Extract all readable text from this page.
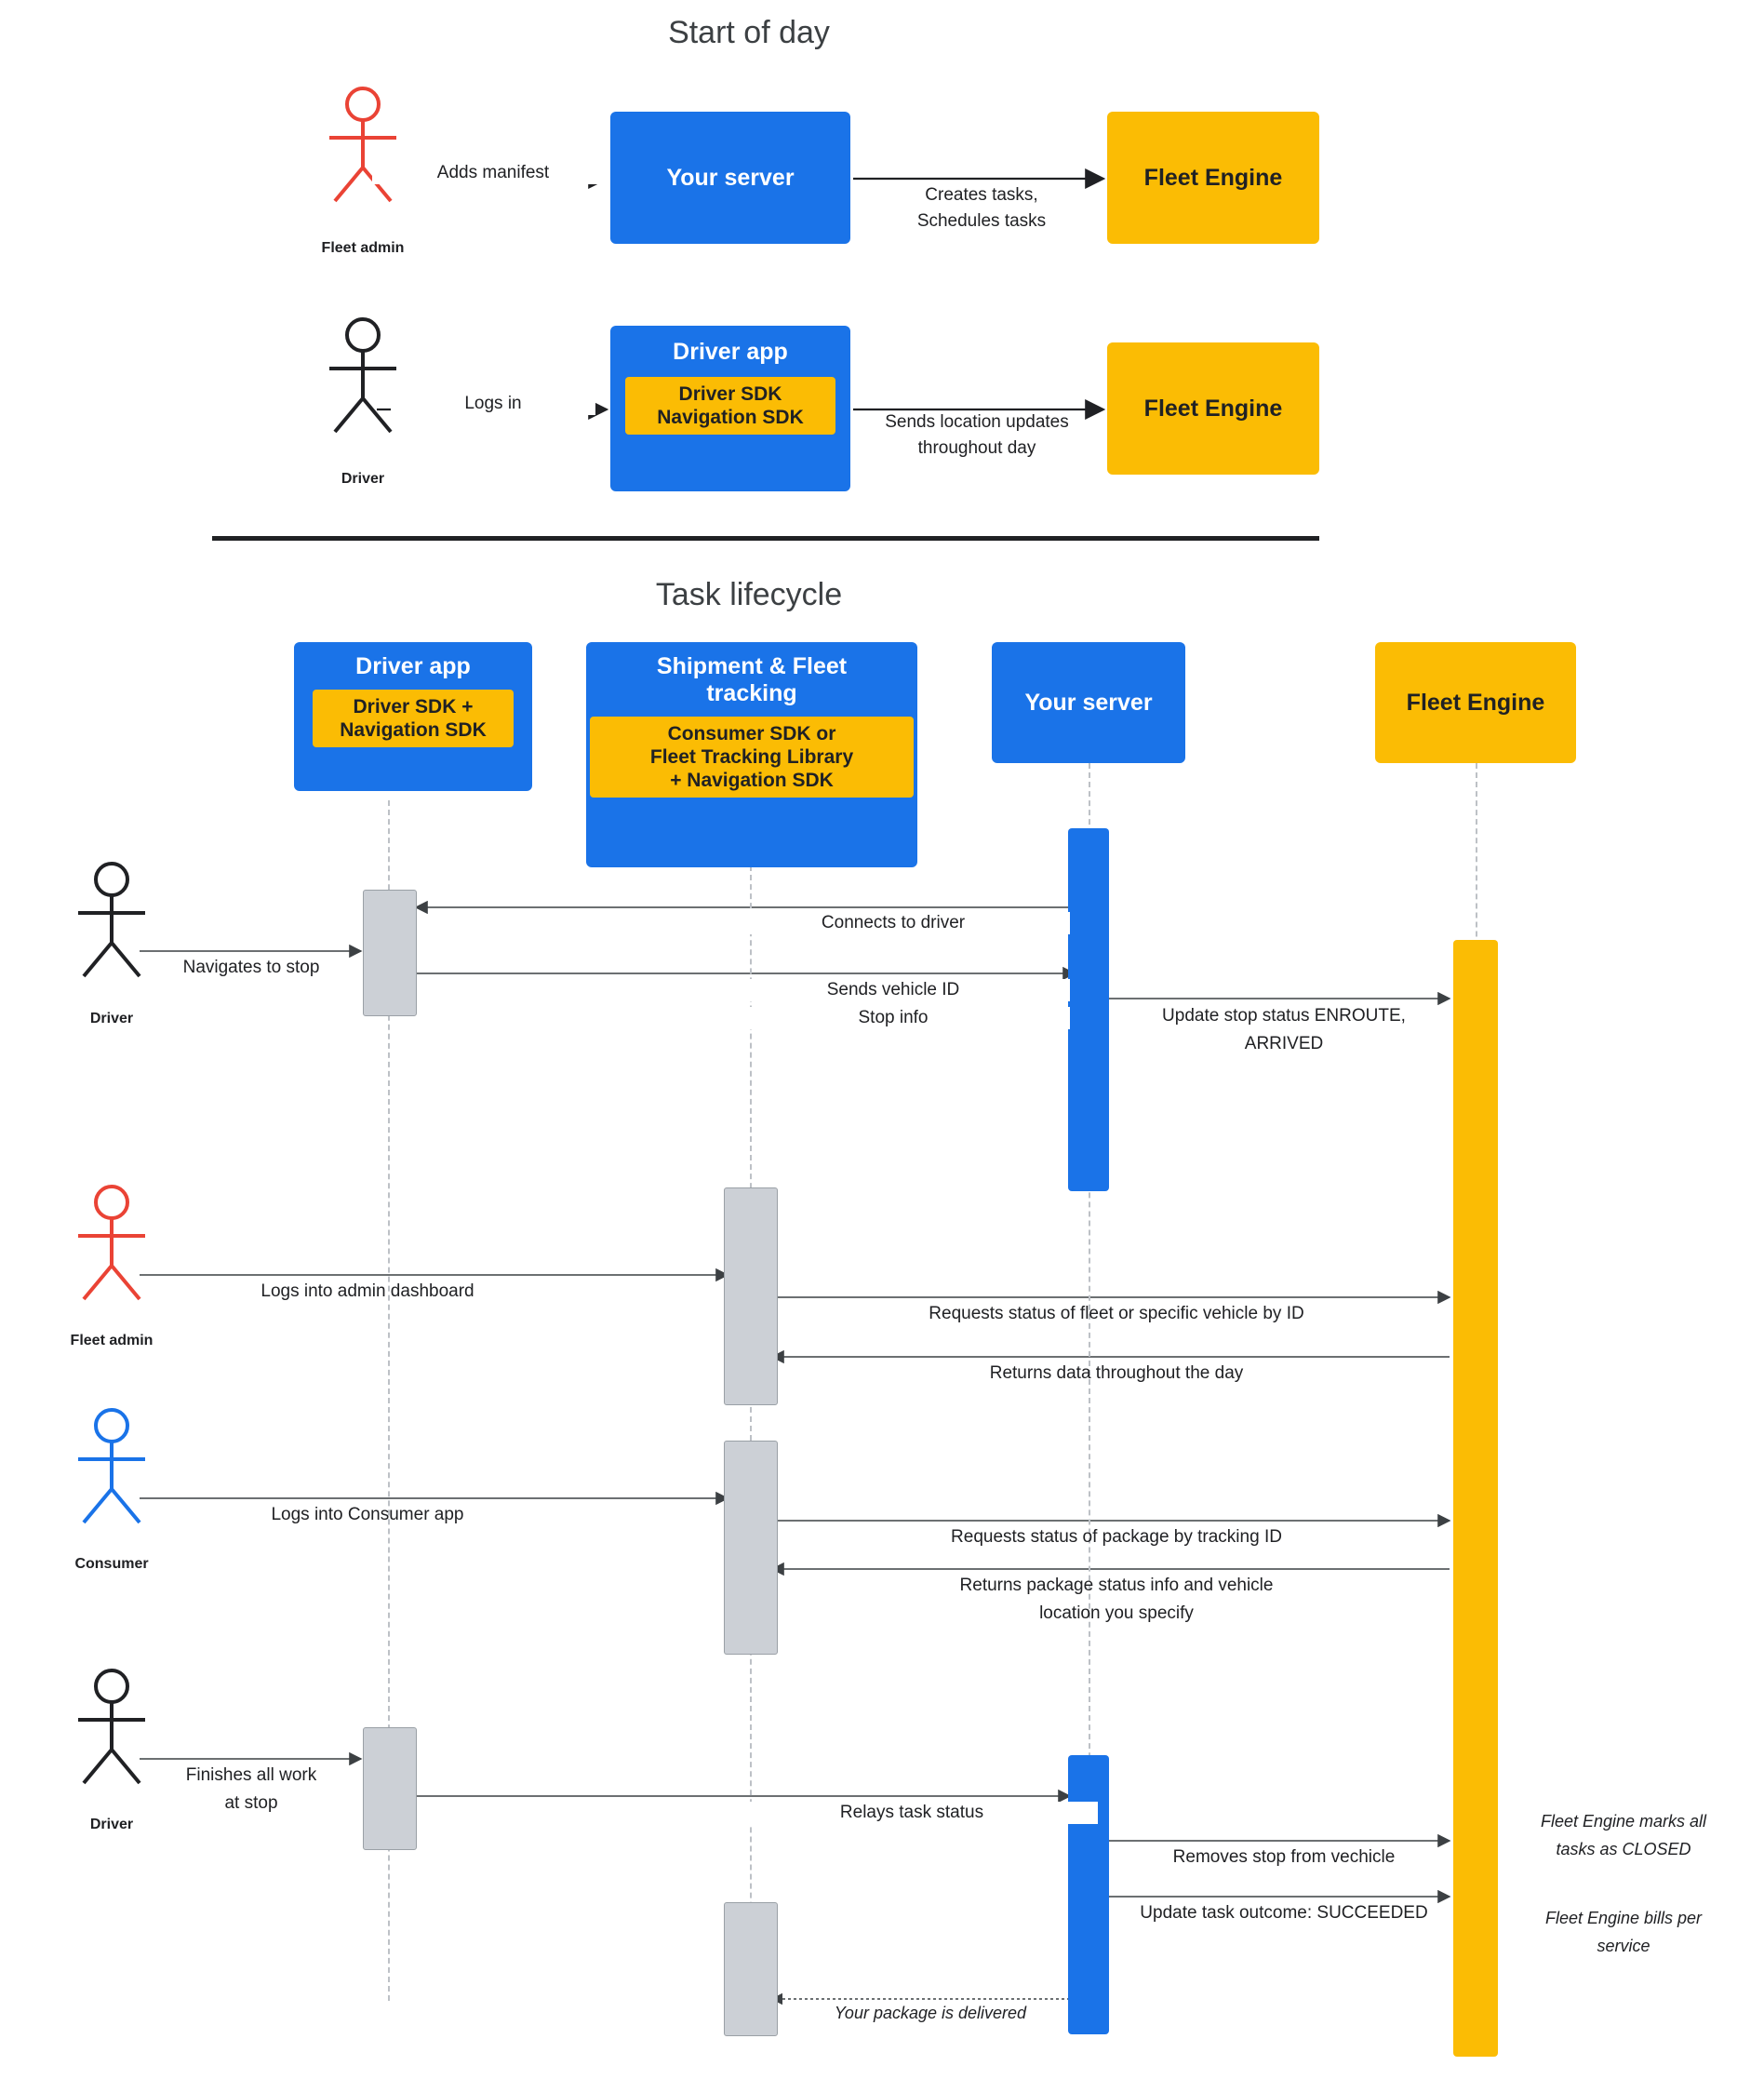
Start of day
Fleet admin
Adds manifest	Your server
Creates tasks,
Schedules tasks
Fleet Engine
Driver
Logs in
Driver app
Driver SDK
Navigation SDK	Sends location updates
throughout day
Fleet Engine
Task lifecycle
Driver app
Driver SDK +
Navigation SDK
Shipment & Fleet
tracking
Consumer SDK or
Fleet Tracking Library
+ Navigation SDK
Your server	Fleet Engine
Driver
Fleet admin
Consumer
Driver
Navigates to stop
Connects to driver
Sends vehicle ID
Stop info	Update stop status ENROUTE,
ARRIVED
Logs into admin dashboard
Requests status of fleet or specific vehicle by ID
Returns data throughout the day
Logs into Consumer app
Requests status of package by tracking ID
Returns package status info and vehicle
location you specify
Finishes all work
at stop	Relays task status
Removes stop from vechicle
Update task outcome: SUCCEEDED
Your package is delivered
Fleet Engine marks all
tasks as CLOSED
Fleet Engine bills per
service
